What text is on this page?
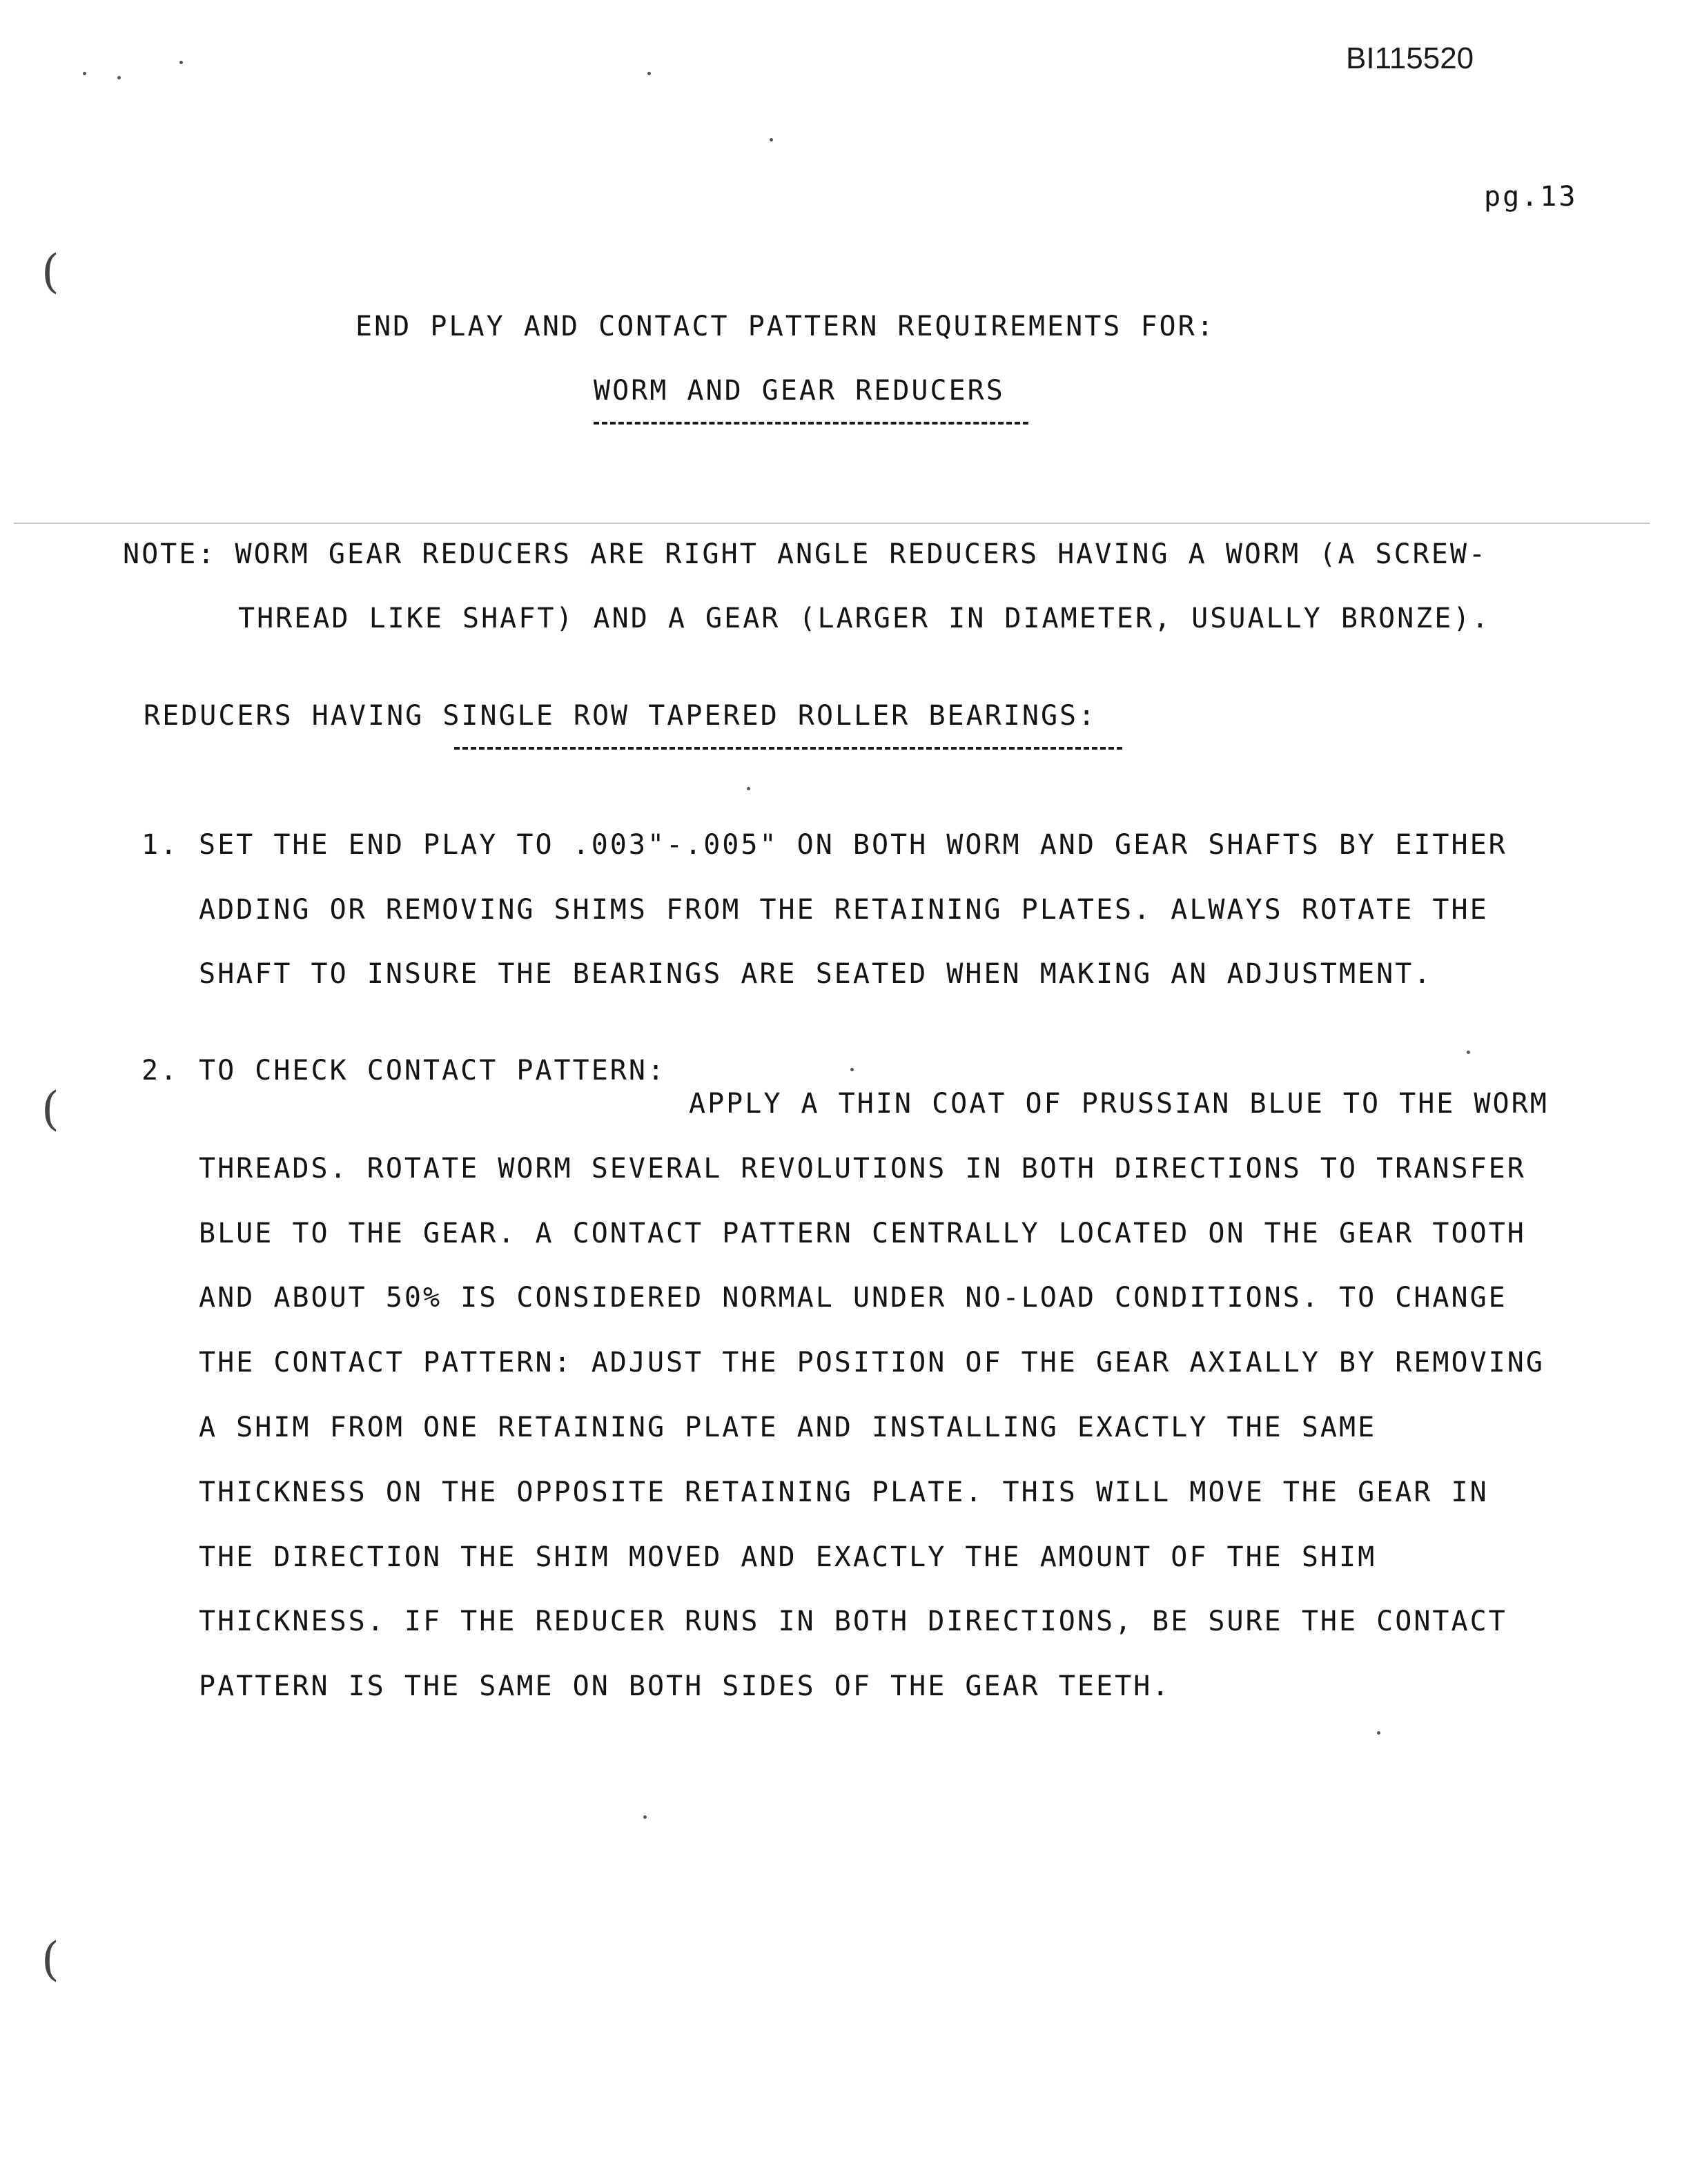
BI115520
pg.13
END PLAY AND CONTACT PATTERN REQUIREMENTS FOR:
WORM AND GEAR REDUCERS
NOTE: WORM GEAR REDUCERS ARE RIGHT ANGLE REDUCERS HAVING A WORM (A SCREW-
THREAD LIKE SHAFT) AND A GEAR (LARGER IN DIAMETER, USUALLY BRONZE).
REDUCERS HAVING SINGLE ROW TAPERED ROLLER BEARINGS:
1. SET THE END PLAY TO .003"-.005" ON BOTH WORM AND GEAR SHAFTS BY EITHER
ADDING OR REMOVING SHIMS FROM THE RETAINING PLATES. ALWAYS ROTATE THE
SHAFT TO INSURE THE BEARINGS ARE SEATED WHEN MAKING AN ADJUSTMENT.
2. TO CHECK CONTACT PATTERN:
APPLY A THIN COAT OF PRUSSIAN BLUE TO THE WORM
THREADS. ROTATE WORM SEVERAL REVOLUTIONS IN BOTH DIRECTIONS TO TRANSFER
BLUE TO THE GEAR. A CONTACT PATTERN CENTRALLY LOCATED ON THE GEAR TOOTH
AND ABOUT 50% IS CONSIDERED NORMAL UNDER NO-LOAD CONDITIONS. TO CHANGE
THE CONTACT PATTERN: ADJUST THE POSITION OF THE GEAR AXIALLY BY REMOVING
A SHIM FROM ONE RETAINING PLATE AND INSTALLING EXACTLY THE SAME
THICKNESS ON THE OPPOSITE RETAINING PLATE. THIS WILL MOVE THE GEAR IN
THE DIRECTION THE SHIM MOVED AND EXACTLY THE AMOUNT OF THE SHIM
THICKNESS. IF THE REDUCER RUNS IN BOTH DIRECTIONS, BE SURE THE CONTACT
PATTERN IS THE SAME ON BOTH SIDES OF THE GEAR TEETH.
(
(
(
